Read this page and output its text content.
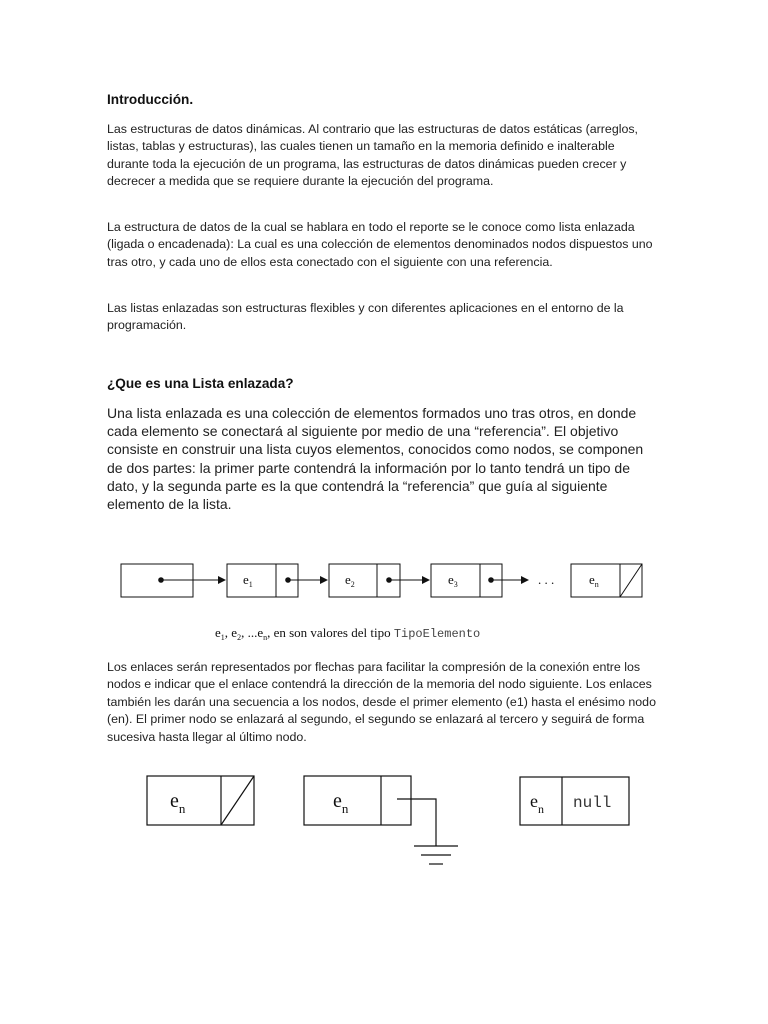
Introducción.

Las estructuras de datos dinámicas. Al contrario que las estructuras de datos estáticas (arreglos, listas, tablas y estructuras), las cuales tienen un tamaño en la memoria definido e inalterable durante toda la ejecución de un programa, las estructuras de datos dinámicas pueden crecer y decrecer a medida que se requiere durante la ejecución del programa.

La estructura de datos de la cual se hablara en todo el reporte se le conoce como lista enlazada (ligada o encadenada): La cual es una colección de elementos denominados nodos dispuestos uno tras otro, y cada uno de ellos esta conectado con el siguiente con una referencia.

Las listas enlazadas son estructuras flexibles y con diferentes aplicaciones en el entorno de la programación.

¿Que es una Lista enlazada?

Una lista enlazada es una colección de elementos formados uno tras otros, en donde cada elemento se conectará al siguiente por medio de una “referencia”. El objetivo consiste en construir una lista cuyos elementos, conocidos como nodos, se componen de dos partes: la primer parte contendrá la información por lo tanto tendrá un tipo de dato, y la segunda parte es la que contendrá la “referencia” que guía al siguiente elemento de la lista.

$e_1$	$e_2$	$e_3$	$e_n$
. . .
$e_1$, $e_2$, $...e_n$, en son valores del tipo TipoElemento

Los enlaces serán representados por flechas para facilitar la compresión de la conexión entre los nodos e indicar que el enlace contendrá la dirección de la memoria del nodo siguiente. Los enlaces también les darán una secuencia a los nodos, desde el primer elemento (e1) hasta el enésimo nodo (en). El primer nodo se enlazará al segundo, el segundo se enlazará al tercero y seguirá de forma sucesiva hasta llegar al último nodo.

$e_n$	$e_n$	$e_n$ null
